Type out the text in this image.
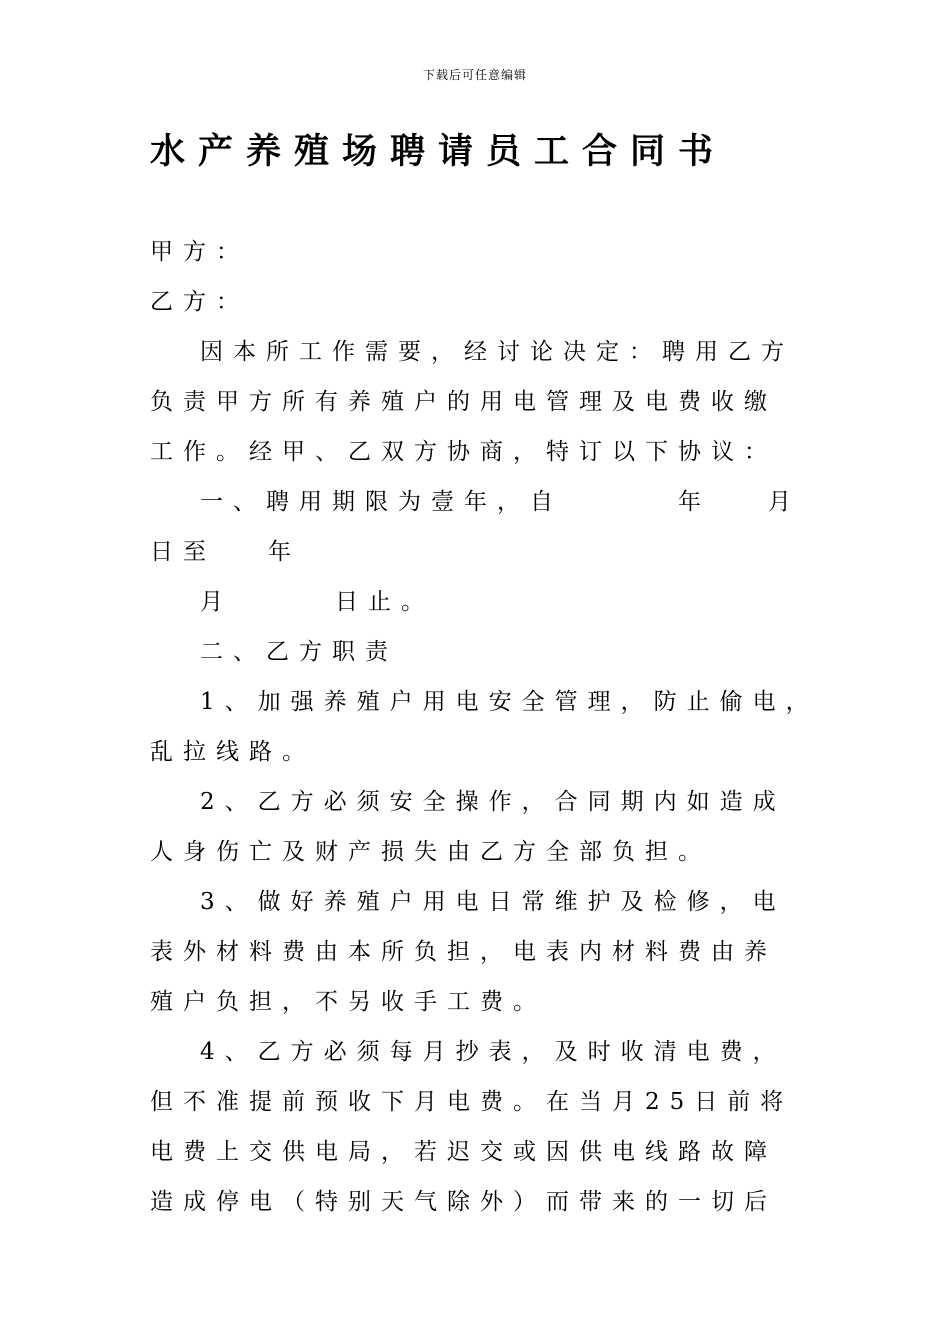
下载后可任意编辑
水产养殖场聘请员工合同书
甲方：
乙方：
因本所工作需要，经讨论决定：聘用乙方
负责甲方所有养殖户的用电管理及电费收缴
工作。经甲、乙双方协商，特订以下协议：
一、聘用期限为壹年，自	年 月
日至 年
月	日止。
二、乙方职责
1、加强养殖户用电安全管理，防止偷电，
乱拉线路。
2、乙方必须安全操作，合同期内如造成
人身伤亡及财产损失由乙方全部负担。
3、做好养殖户用电日常维护及检修，电
表外材料费由本所负担，电表内材料费由养
殖户负担，不另收手工费。
4、乙方必须每月抄表，及时收清电费，
但不准提前预收下月电费。在当月25日前将
电费上交供电局，若迟交或因供电线路故障
造成停电（特别天气除外）而带来的一切后
